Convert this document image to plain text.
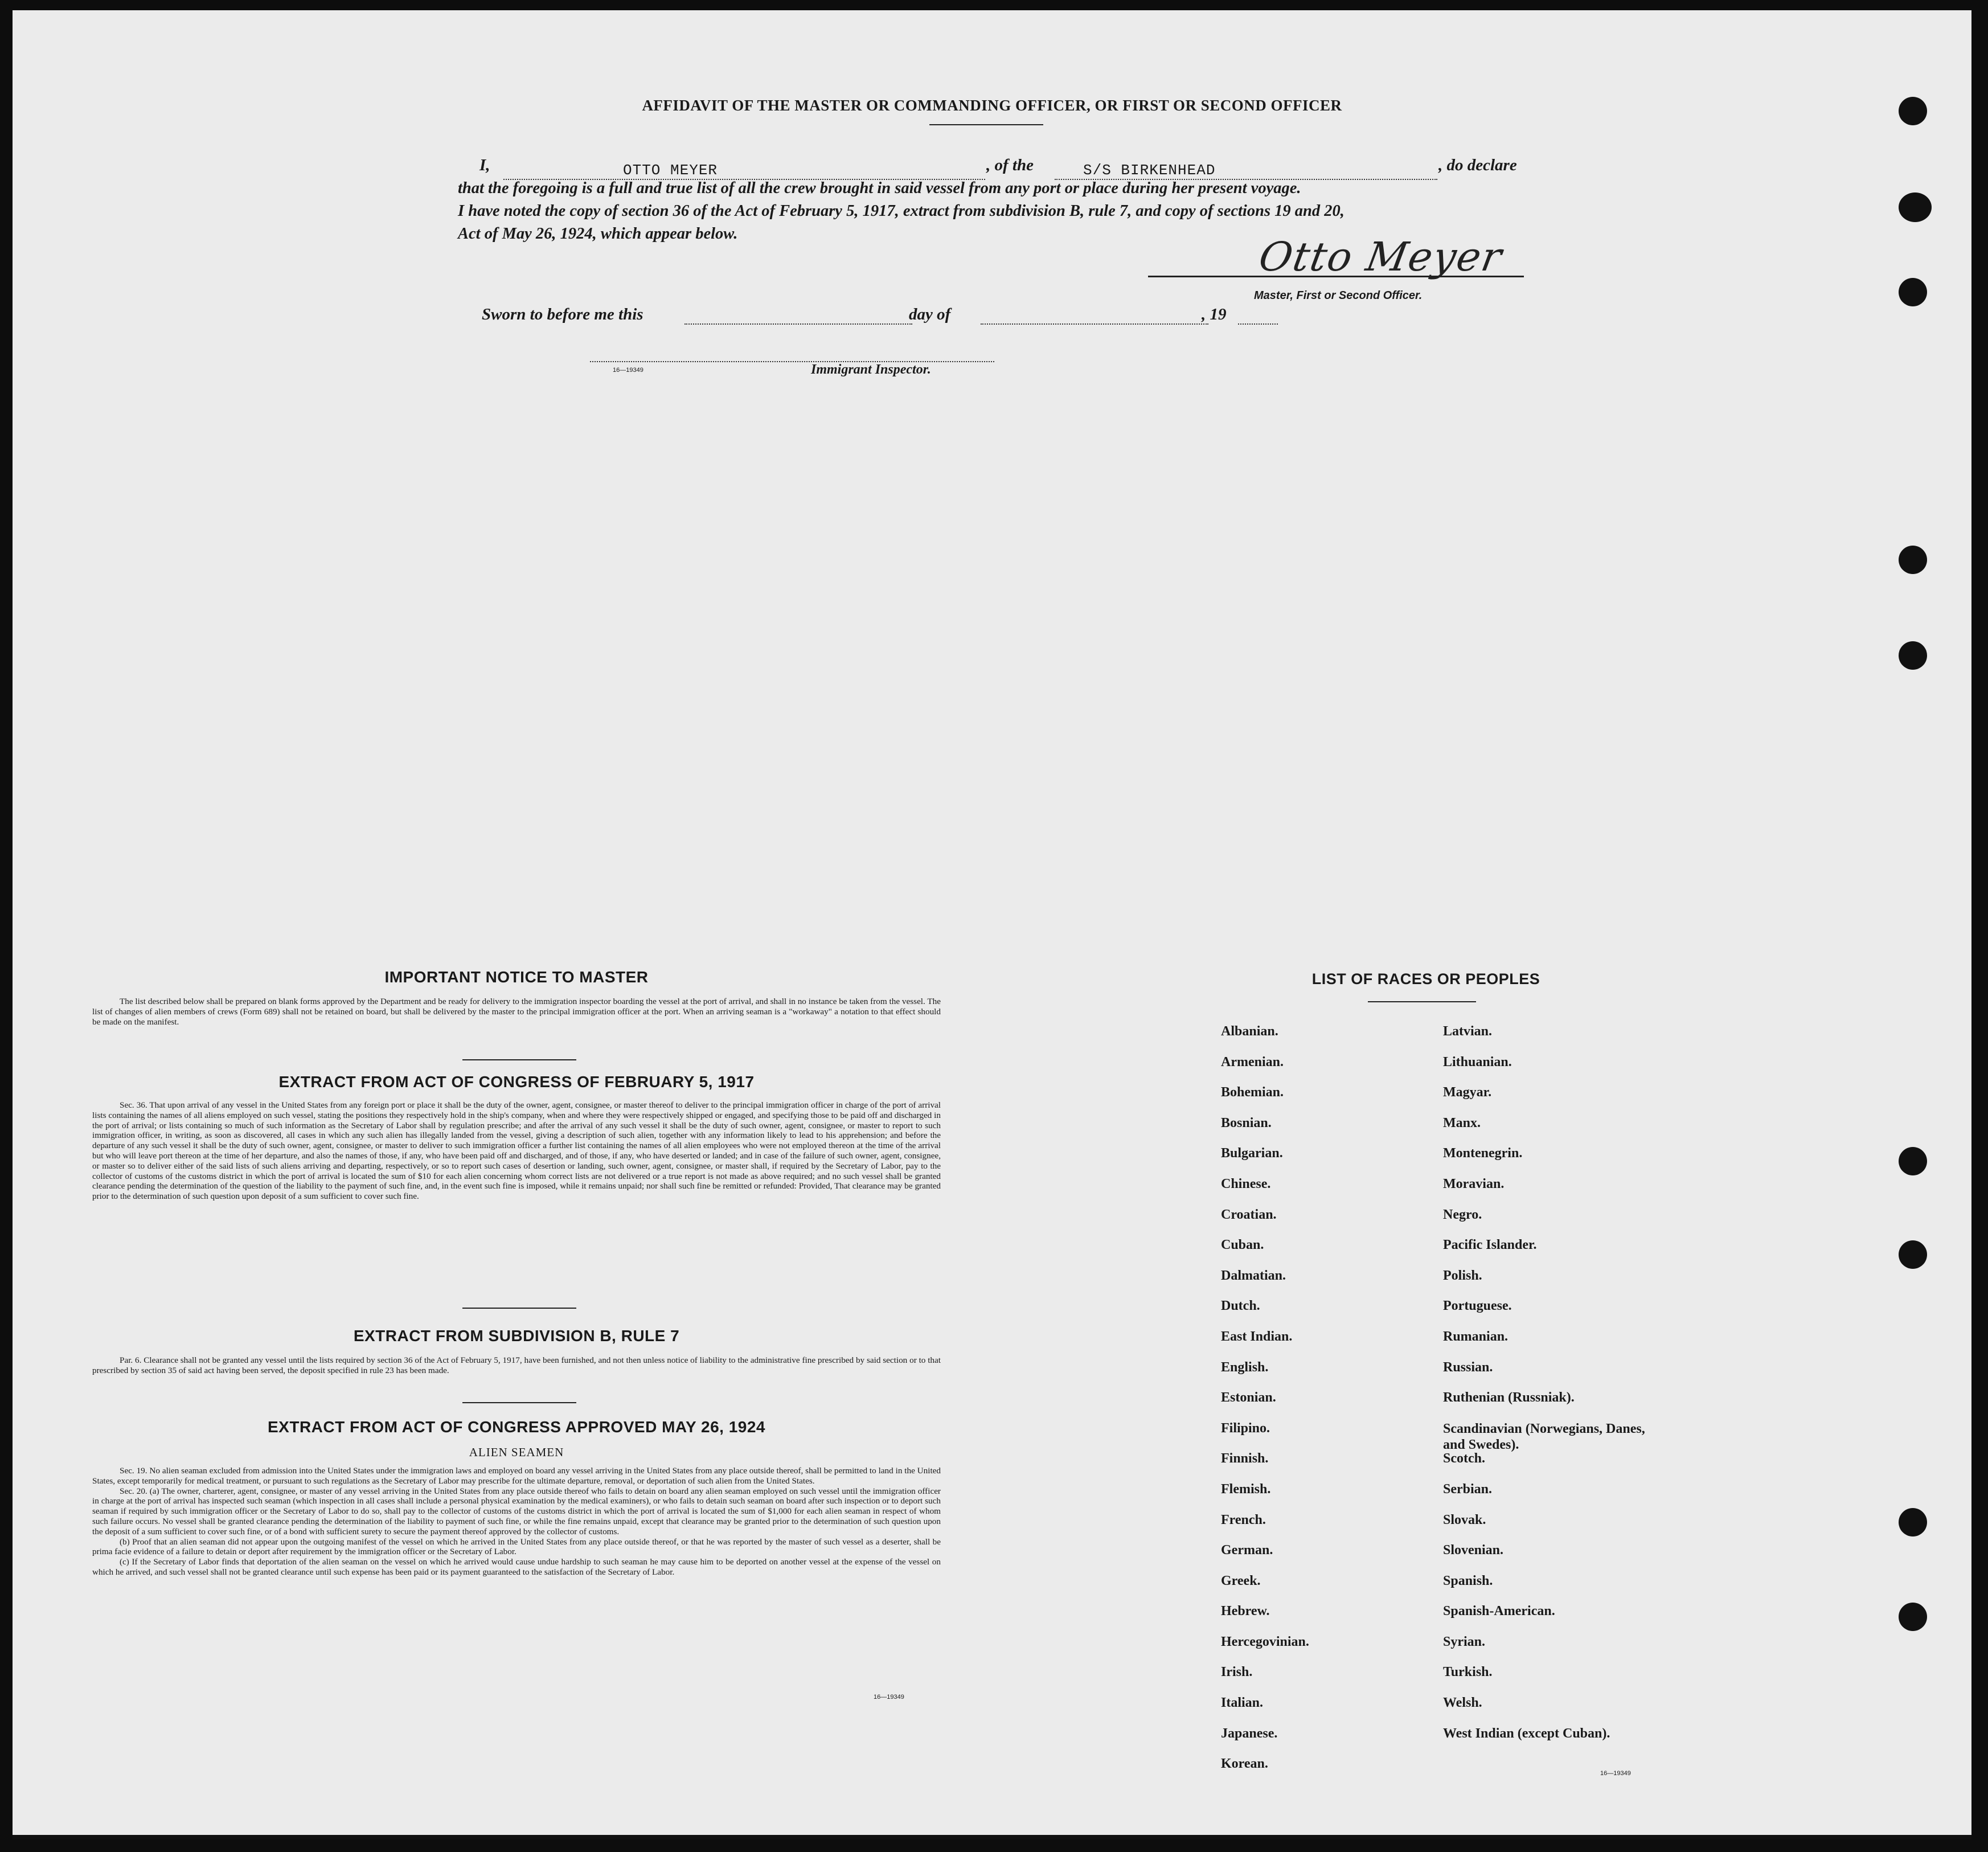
AFFIDAVIT OF THE MASTER OR COMMANDING OFFICER, OR FIRST OR SECOND OFFICER
I,	OTTO MEYER	, of the	S/S BIRKENHEAD	, do declare
that the foregoing is a full and true list of all the crew brought in said vessel from any port or place during her present voyage.
I have noted the copy of section 36 of the Act of February 5, 1917, extract from subdivision B, rule 7, and copy of sections 19 and 20,
Act of May 26, 1924, which appear below.	Otto Meyer
Master, First or Second Officer.
Sworn to before me this	day of	, 19
16—19349	Immigrant Inspector.
IMPORTANT NOTICE TO MASTER

The list described below shall be prepared on blank forms approved by the Department and be ready for delivery to the immigration inspector boarding the vessel at the port of arrival, and shall in no instance be taken from the vessel. The list of changes of alien members of crews (Form 689) shall not be retained on board, but shall be delivered by the master to the principal immigration officer at the port. When an arriving seaman is a "workaway" a notation to that effect should be made on the manifest.

EXTRACT FROM ACT OF CONGRESS OF FEBRUARY 5, 1917

Sec. 36. That upon arrival of any vessel in the United States from any foreign port or place it shall be the duty of the owner, agent, consignee, or master thereof to deliver to the principal immigration officer in charge of the port of arrival lists containing the names of all aliens employed on such vessel, stating the positions they respectively hold in the ship's company, when and where they were respectively shipped or engaged, and specifying those to be paid off and discharged in the port of arrival; or lists containing so much of such information as the Secretary of Labor shall by regulation prescribe; and after the arrival of any such vessel it shall be the duty of such owner, agent, consignee, or master to report to such immigration officer, in writing, as soon as discovered, all cases in which any such alien has illegally landed from the vessel, giving a description of such alien, together with any information likely to lead to his apprehension; and before the departure of any such vessel it shall be the duty of such owner, agent, consignee, or master to deliver to such immigration officer a further list containing the names of all alien employees who were not employed thereon at the time of the arrival but who will leave port thereon at the time of her departure, and also the names of those, if any, who have been paid off and discharged, and of those, if any, who have deserted or landed; and in case of the failure of such owner, agent, consignee, or master so to deliver either of the said lists of such aliens arriving and departing, respectively, or so to report such cases of desertion or landing, such owner, agent, consignee, or master shall, if required by the Secretary of Labor, pay to the collector of customs of the customs district in which the port of arrival is located the sum of $10 for each alien concerning whom correct lists are not delivered or a true report is not made as above required; and no such vessel shall be granted clearance pending the determination of the question of the liability to the payment of such fine, and, in the event such fine is imposed, while it remains unpaid; nor shall such fine be remitted or refunded: Provided, That clearance may be granted prior to the determination of such question upon deposit of a sum sufficient to cover such fine.

EXTRACT FROM SUBDIVISION B, RULE 7

Par. 6. Clearance shall not be granted any vessel until the lists required by section 36 of the Act of February 5, 1917, have been furnished, and not then unless notice of liability to the administrative fine prescribed by said section or to that prescribed by section 35 of said act having been served, the deposit specified in rule 23 has been made.

EXTRACT FROM ACT OF CONGRESS APPROVED MAY 26, 1924
ALIEN SEAMEN

Sec. 19. No alien seaman excluded from admission into the United States under the immigration laws and employed on board any vessel arriving in the United States from any place outside thereof, shall be permitted to land in the United States, except temporarily for medical treatment, or pursuant to such regulations as the Secretary of Labor may prescribe for the ultimate departure, removal, or deportation of such alien from the United States.

Sec. 20. (a) The owner, charterer, agent, consignee, or master of any vessel arriving in the United States from any place outside thereof who fails to detain on board any alien seaman employed on such vessel until the immigration officer in charge at the port of arrival has inspected such seaman (which inspection in all cases shall include a personal physical examination by the medical examiners), or who fails to detain such seaman on board after such inspection or to deport such seaman if required by such immigration officer or the Secretary of Labor to do so, shall pay to the collector of customs of the customs district in which the port of arrival is located the sum of $1,000 for each alien seaman in respect of whom such failure occurs. No vessel shall be granted clearance pending the determination of the liability to payment of such fine, or while the fine remains unpaid, except that clearance may be granted prior to the determination of such question upon the deposit of a sum sufficient to cover such fine, or of a bond with sufficient surety to secure the payment thereof approved by the collector of customs.

(b) Proof that an alien seaman did not appear upon the outgoing manifest of the vessel on which he arrived in the United States from any place outside thereof, or that he was reported by the master of such vessel as a deserter, shall be prima facie evidence of a failure to detain or deport after requirement by the immigration officer or the Secretary of Labor.

(c) If the Secretary of Labor finds that deportation of the alien seaman on the vessel on which he arrived would cause undue hardship to such seaman he may cause him to be deported on another vessel at the expense of the vessel on which he arrived, and such vessel shall not be granted clearance until such expense has been paid or its payment guaranteed to the satisfaction of the Secretary of Labor.

16—19349
LIST OF RACES OR PEOPLES
Albanian.	Latvian.
Armenian.	Lithuanian.
Bohemian.	Magyar.
Bosnian.	Manx.
Bulgarian.	Montenegrin.
Chinese.	Moravian.
Croatian.	Negro.
Cuban.	Pacific Islander.
Dalmatian.	Polish.
Dutch.	Portuguese.
East Indian.	Rumanian.
English.	Russian.
Estonian.	Ruthenian (Russniak).
Filipino.	Scandinavian (Norwegians, Danes, and Swedes).
Finnish.	Scotch.
Flemish.	Serbian.
French.	Slovak.
German.	Slovenian.
Greek.	Spanish.
Hebrew.	Spanish-American.
Hercegovinian.	Syrian.
Irish.	Turkish.
Italian.	Welsh.
Japanese.	West Indian (except Cuban).
Korean.
16—19349
